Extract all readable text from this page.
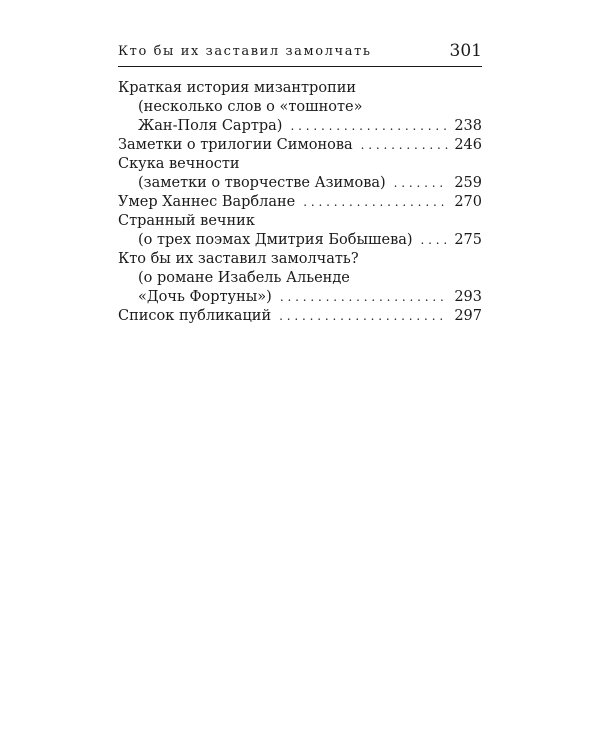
Кто бы их заставил замолчать	301
Краткая история мизантропии
(несколько слов о «тошноте»
Жан-Поля Сартра) . . .	238
Заметки о трилогии Симонова . . .	246
Скука вечности
(заметки о творчестве Азимова) . . .	259
Умер Ханнес Варблане . . .	270
Странный вечник
(о трех поэмах Дмитрия Бобышева) . . .	275
Кто бы их заставил замолчать?
(о романе Изабель Альенде
«Дочь Фортуны») . . .	293
Список публикаций . . .	297
